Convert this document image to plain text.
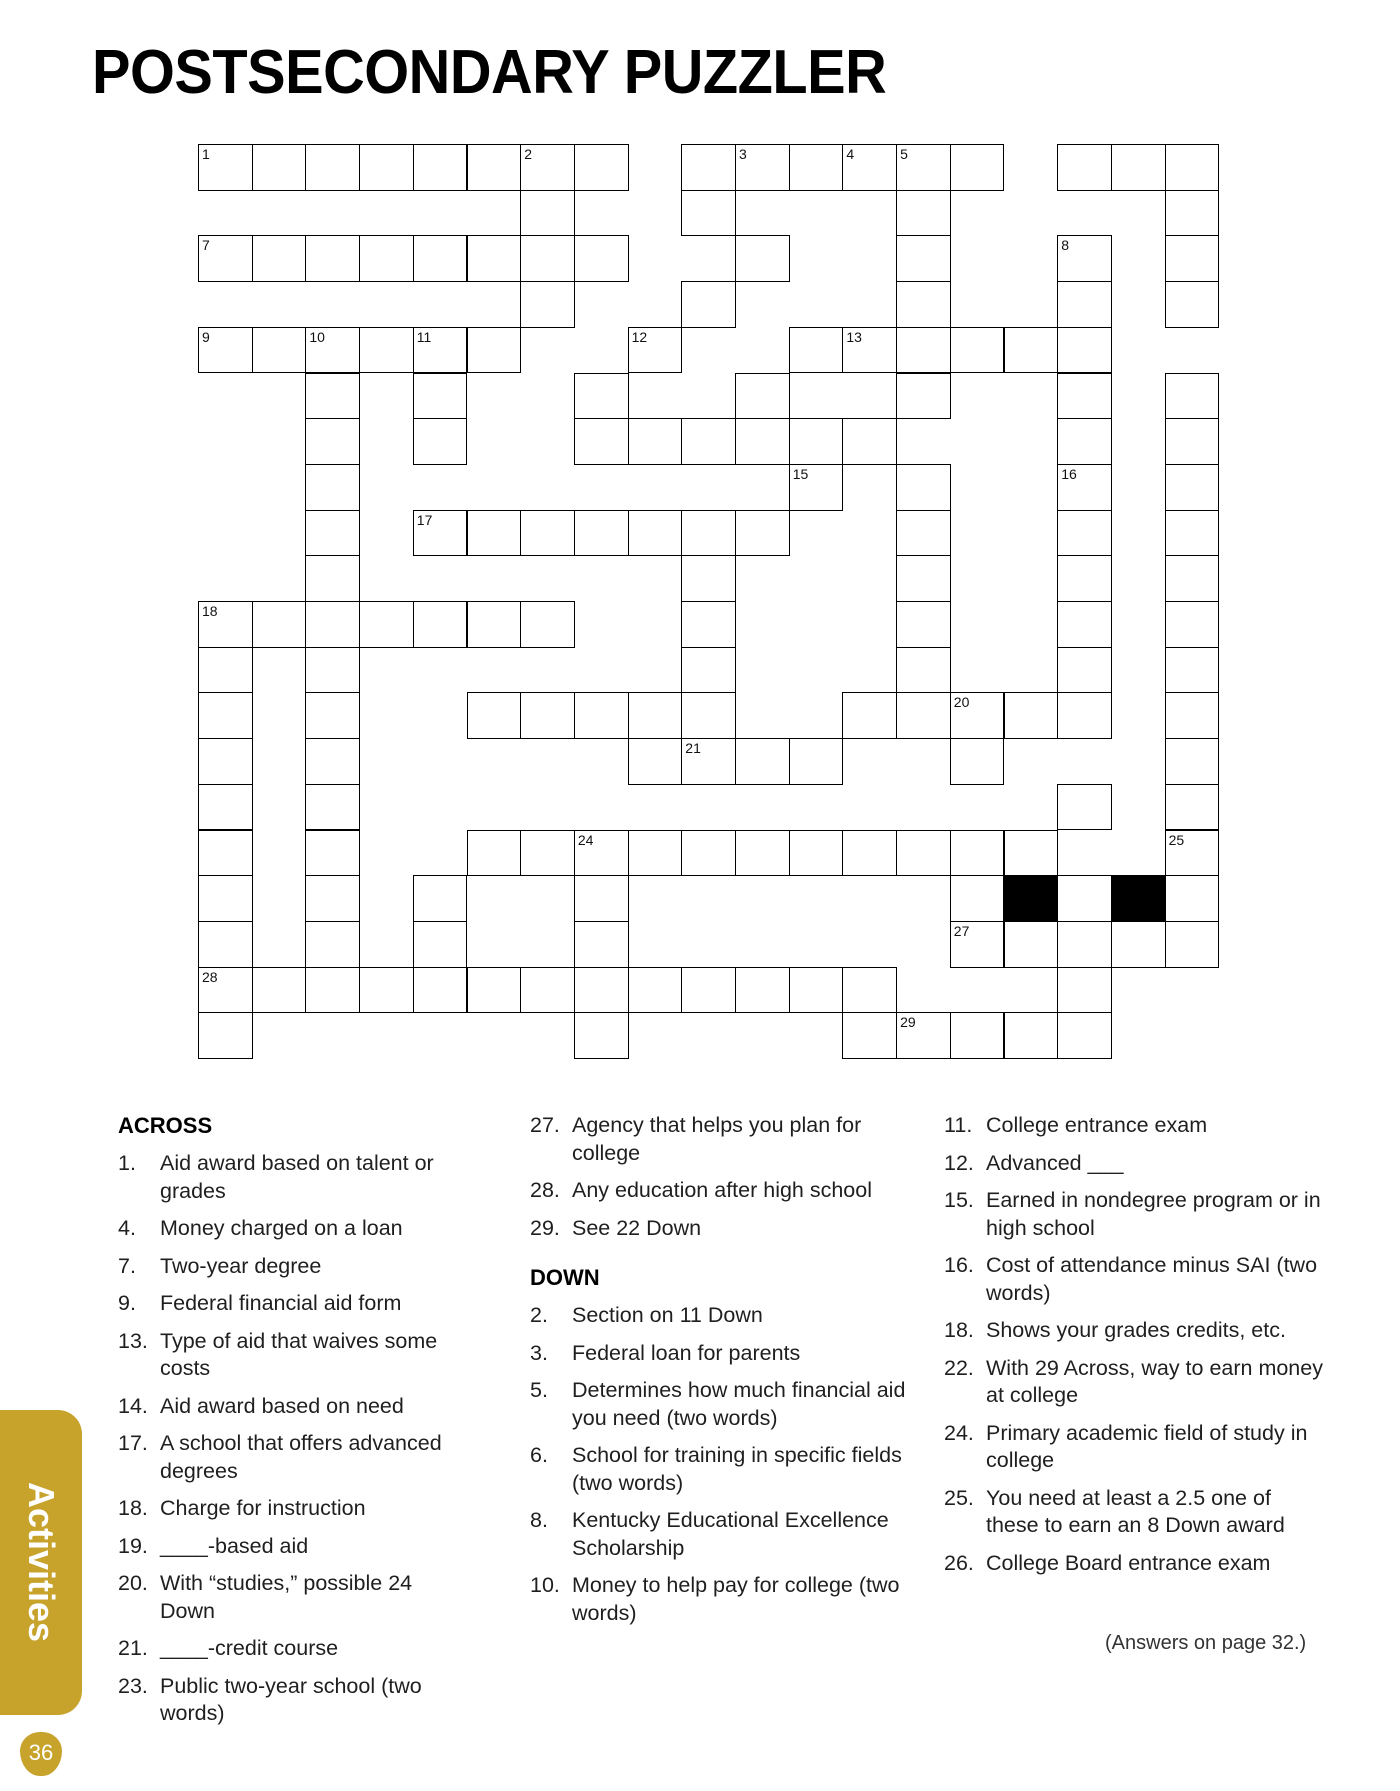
POSTSECONDARY PUZZLER
1	2	3	4	5
7	8
9	10	11	12	13
15	16
17
18
20
21
24	25
27
28
29
ACROSS
1. Aid award based on talent or grades
4. Money charged on a loan
7. Two-year degree
9. Federal financial aid form
13. Type of aid that waives some costs
14. Aid award based on need
17. A school that offers advanced degrees
18. Charge for instruction
19. ____-based aid
20. With “studies,” possible 24 Down
21. ____-credit course
23. Public two-year school (two words)
27. Agency that helps you plan for college
28. Any education after high school
29. See 22 Down
DOWN
2. Section on 11 Down
3. Federal loan for parents
5. Determines how much financial aid you need (two words)
6. School for training in specific fields (two words)
8. Kentucky Educational Excellence Scholarship
10. Money to help pay for college (two words)
11. College entrance exam
12. Advanced ___
15. Earned in nondegree program or in high school
16. Cost of attendance minus SAI (two words)
18. Shows your grades credits, etc.
22. With 29 Across, way to earn money at college
24. Primary academic field of study in college
25. You need at least a 2.5 one of these to earn an 8 Down award
26. College Board entrance exam
(Answers on page 32.)
Activities
36
